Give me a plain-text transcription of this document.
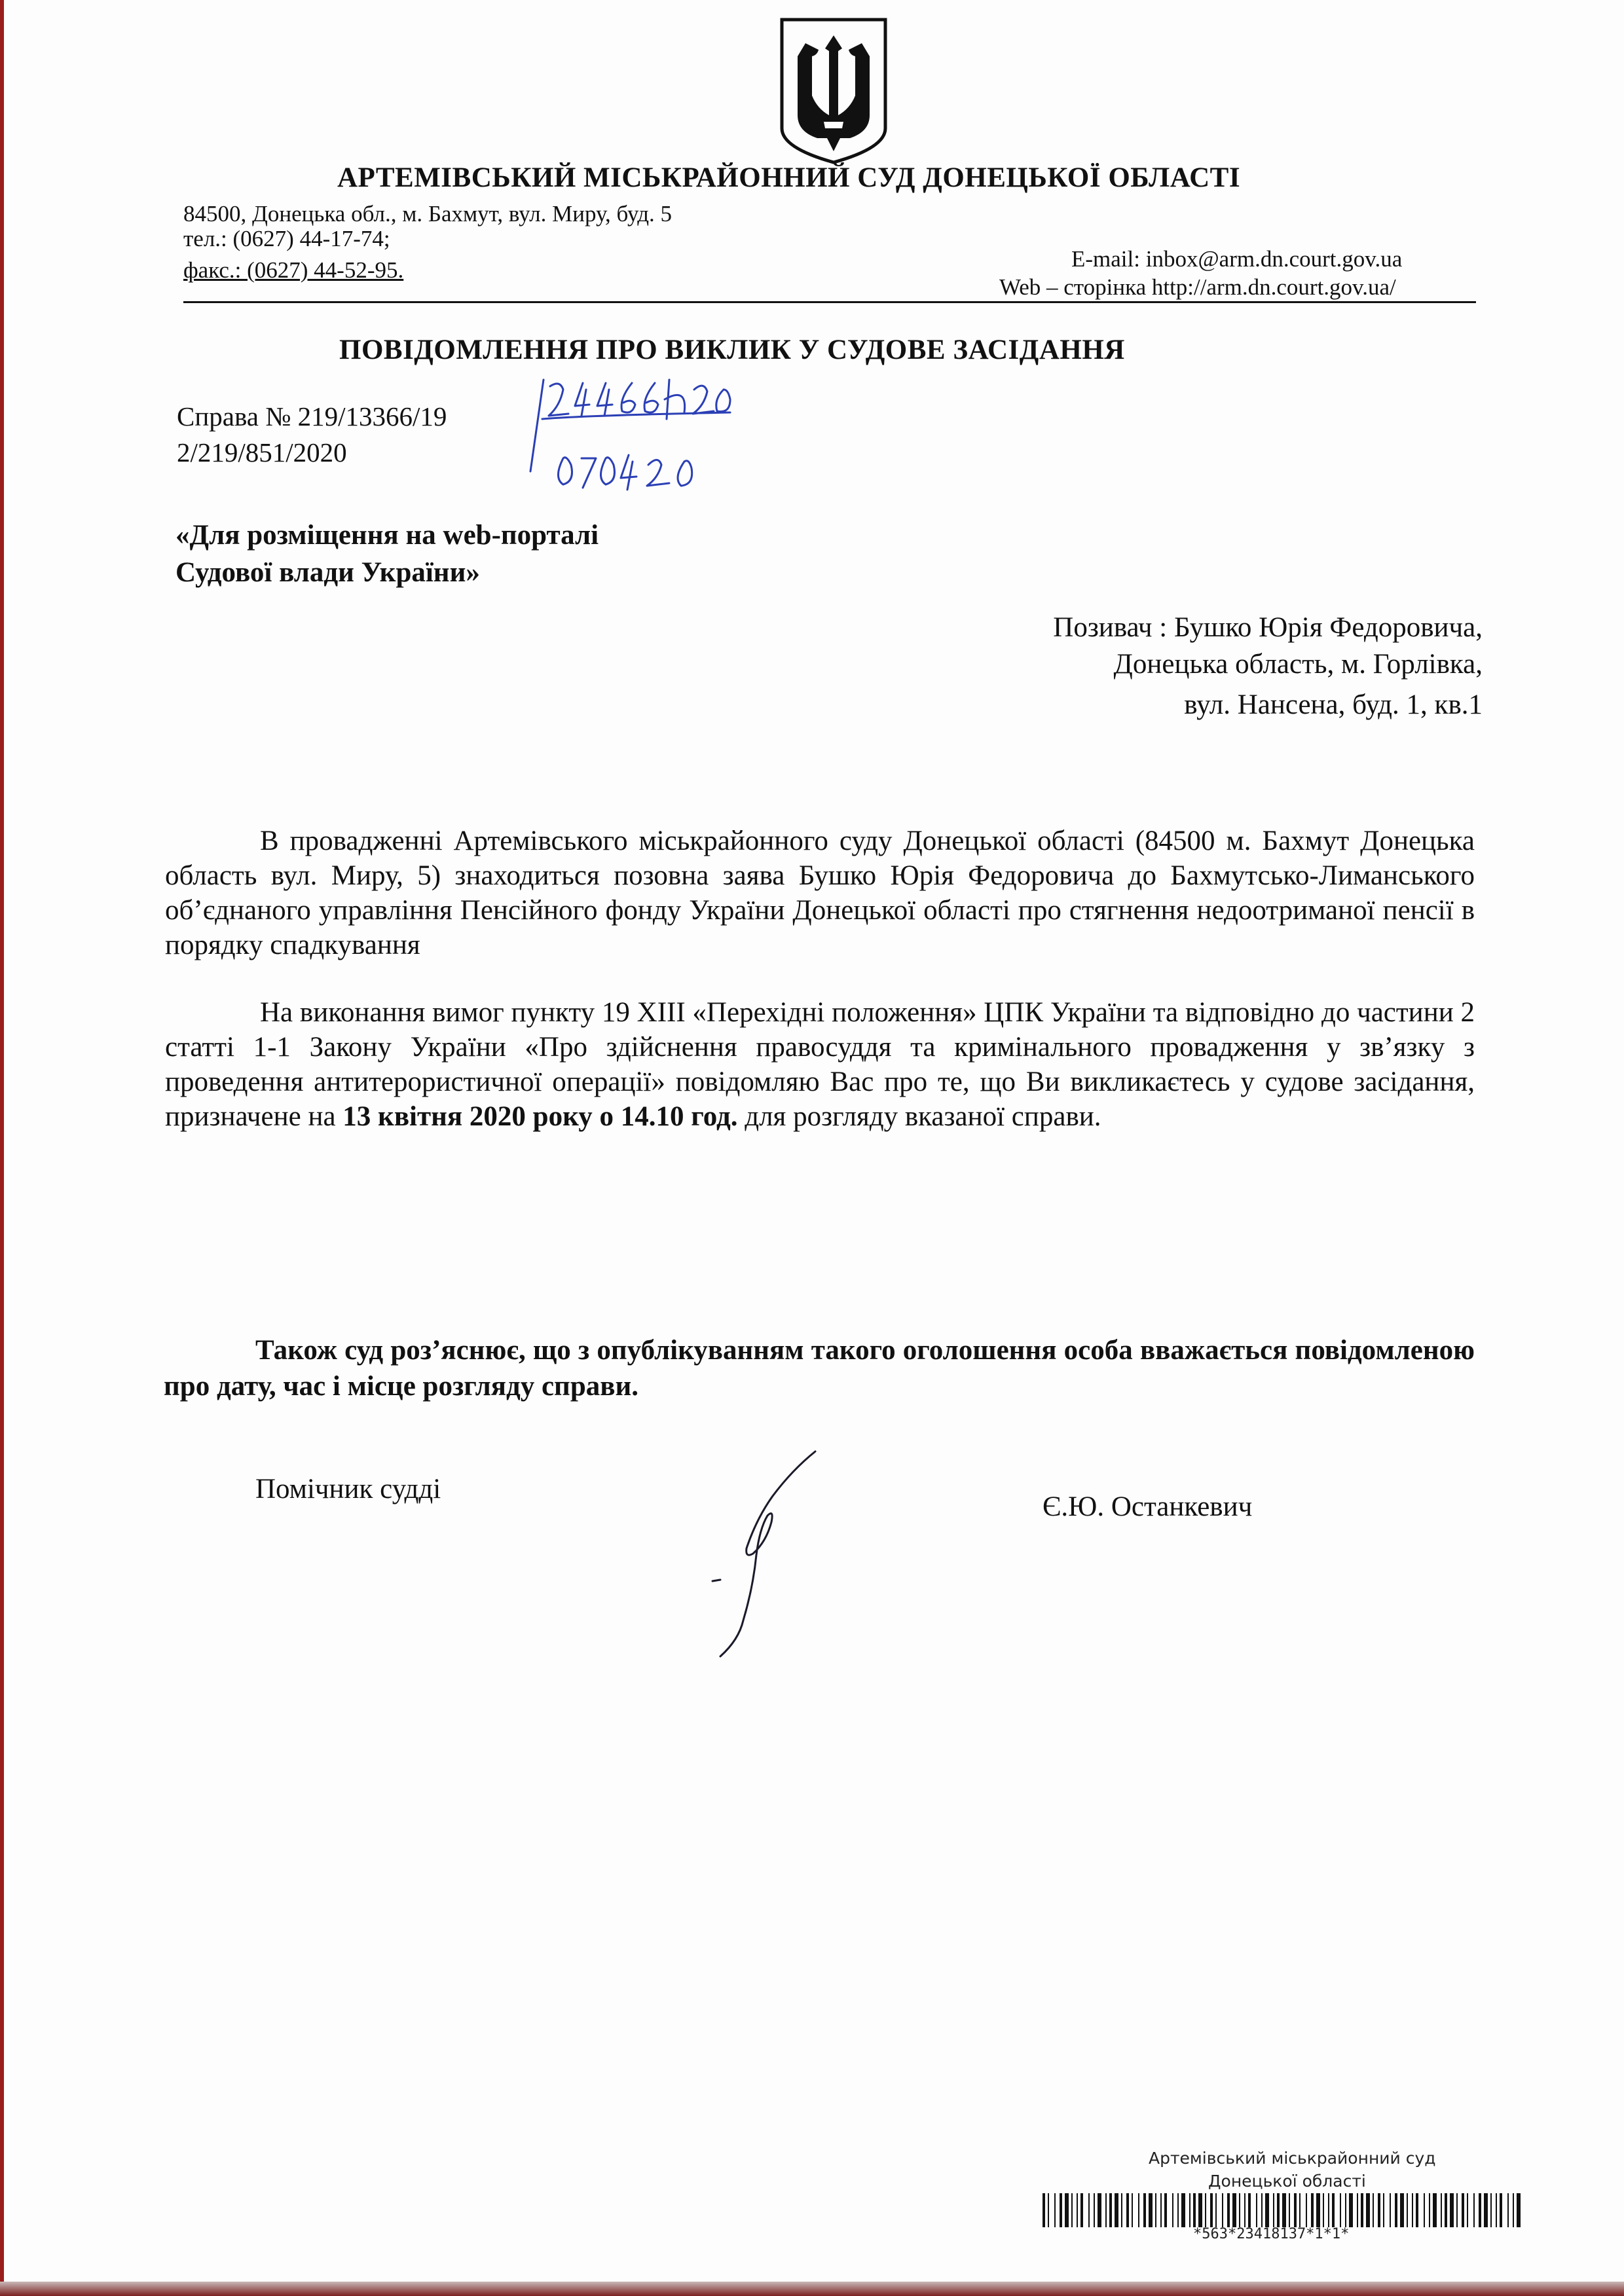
АРТЕМІВСЬКИЙ МІСЬКРАЙОННИЙ СУД ДОНЕЦЬКОЇ ОБЛАСТІ
84500, Донецька обл., м. Бахмут, вул. Миру, буд. 5
тел.: (0627) 44-17-74;
факс.: (0627) 44-52-95.	E-mail: inbox@arm.dn.court.gov.ua
Web – сторінка http://arm.dn.court.gov.ua/
ПОВІДОМЛЕННЯ ПРО ВИКЛИК У СУДОВЕ ЗАСІДАННЯ
Справа № 219/13366/19
2/219/851/2020
«Для розміщення на web-порталі
Судової влади України»
Позивач : Бушко Юрія Федоровича,
Донецька область, м. Горлівка,
вул. Нансена, буд. 1, кв.1
В провадженні Артемівського міськрайонного суду Донецької області (84500 м. Бахмут Донецька область вул. Миру, 5) знаходиться позовна заява Бушко Юрія Федоровича до Бахмутсько-Лиманського об’єднаного управління Пенсійного фонду України Донецької області про стягнення недоотриманої пенсії в порядку спадкування
На виконання вимог пункту 19 XIII «Перехідні положення» ЦПК України та відповідно до частини 2 статті 1-1 Закону України «Про здійснення правосуддя та кримінального провадження у зв’язку з проведення антитерористичної операції» повідомляю Вас про те, що Ви викликаєтесь у судове засідання, призначене на 13 квітня 2020 року о 14.10 год. для розгляду вказаної справи.
Також суд роз’яснює, що з опублікуванням такого оголошення особа вважається повідомленою про дату, час і місце розгляду справи.
Помічник судді
Є.Ю. Останкевич
Артемівський міськрайонний суд
Донецької області
*563*23418137*1*1*
